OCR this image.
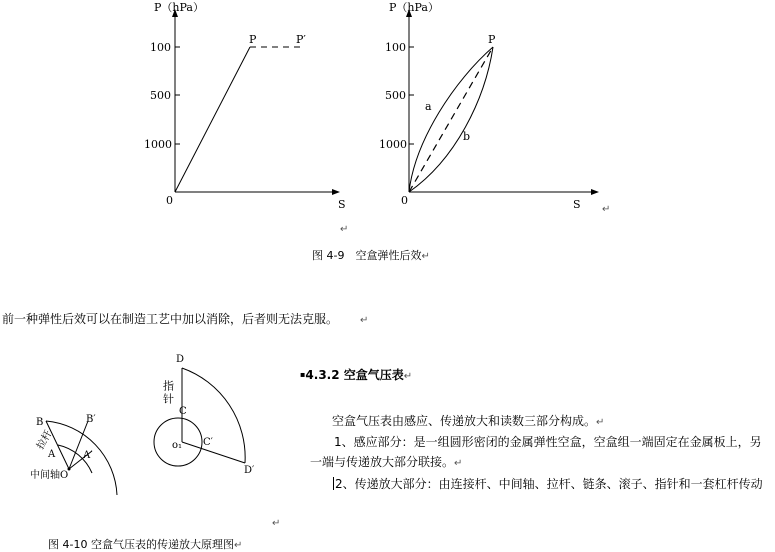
P（hPa）
100
500
1000
0	S
P	P′
P（hPa）
100
500
1000
0	S
P
a
b
↵
↵
图 4-9　空盒弹性后效↵
前一种弹性后效可以在制造工艺中加以消除，后者则无法克服。 ↵
B	B′
A	A′
拉杆
中间轴O
D
D′
C
C′
o₁
指针
图 4-10 空盒气压表的传递放大原理图↵
↵
▪4.3.2 空盒气压表↵
空盒气压表由感应、传递放大和读数三部分构成。↵
1、感应部分：是一组圆形密闭的金属弹性空盒，空盒组一端固定在金属板上，另
一端与传递放大部分联接。↵
2、传递放大部分：由连接杆、中间轴、拉杆、链条、滚子、指针和一套杠杆传动
